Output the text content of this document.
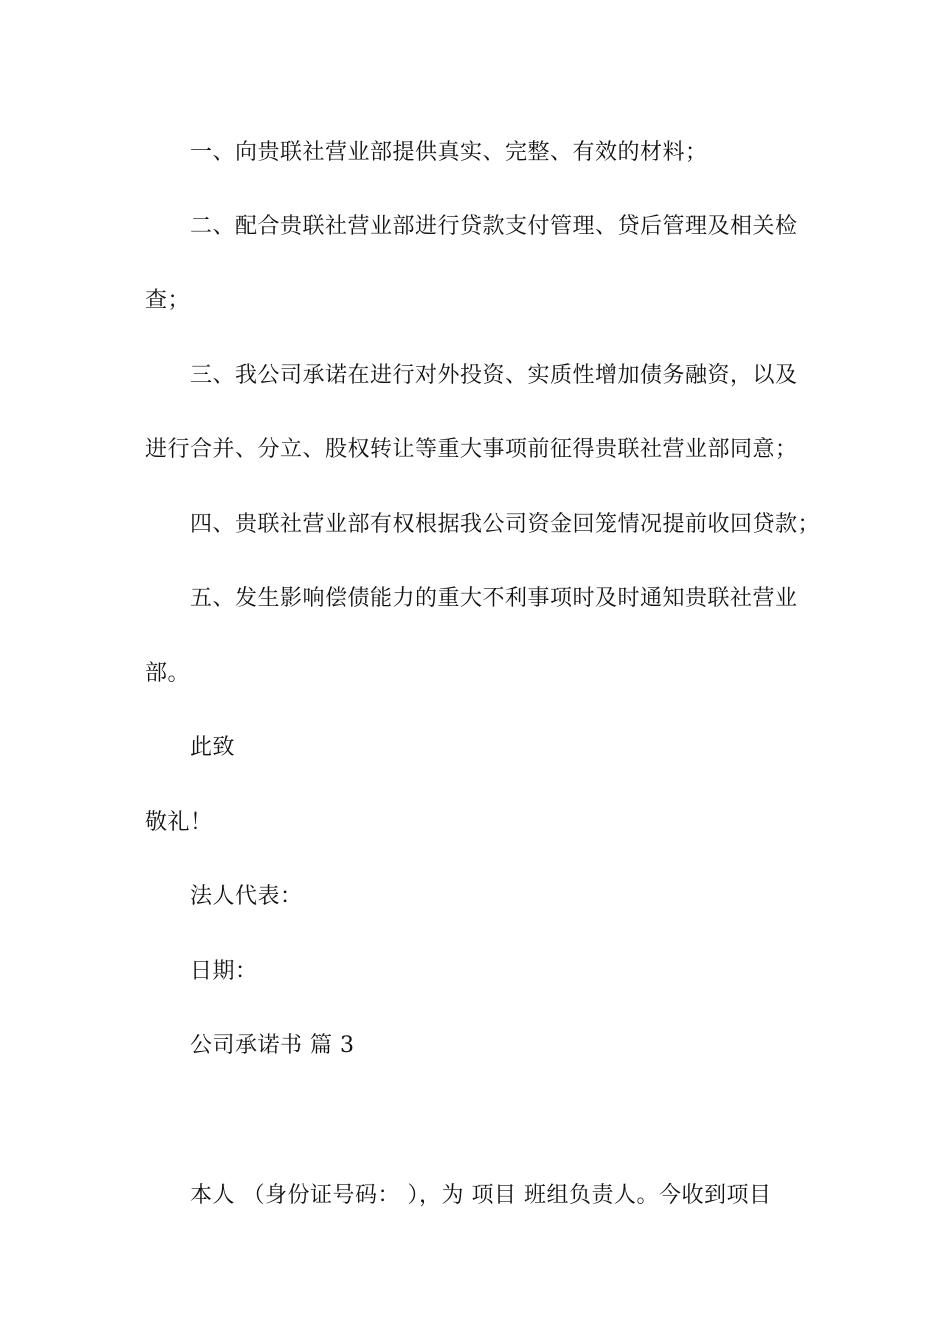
一、向贵联社营业部提供真实、完整、有效的材料；
二、配合贵联社营业部进行贷款支付管理、贷后管理及相关检
查；
三、我公司承诺在进行对外投资、实质性增加债务融资，以及
进行合并、分立、股权转让等重大事项前征得贵联社营业部同意；
四、贵联社营业部有权根据我公司资金回笼情况提前收回贷款；
五、发生影响偿债能力的重大不利事项时及时通知贵联社营业
部。
此致
敬礼！
法人代表：
日期：
公司承诺书 篇 3
本人 （身份证号码： ），为 项目 班组负责人。今收到项目
